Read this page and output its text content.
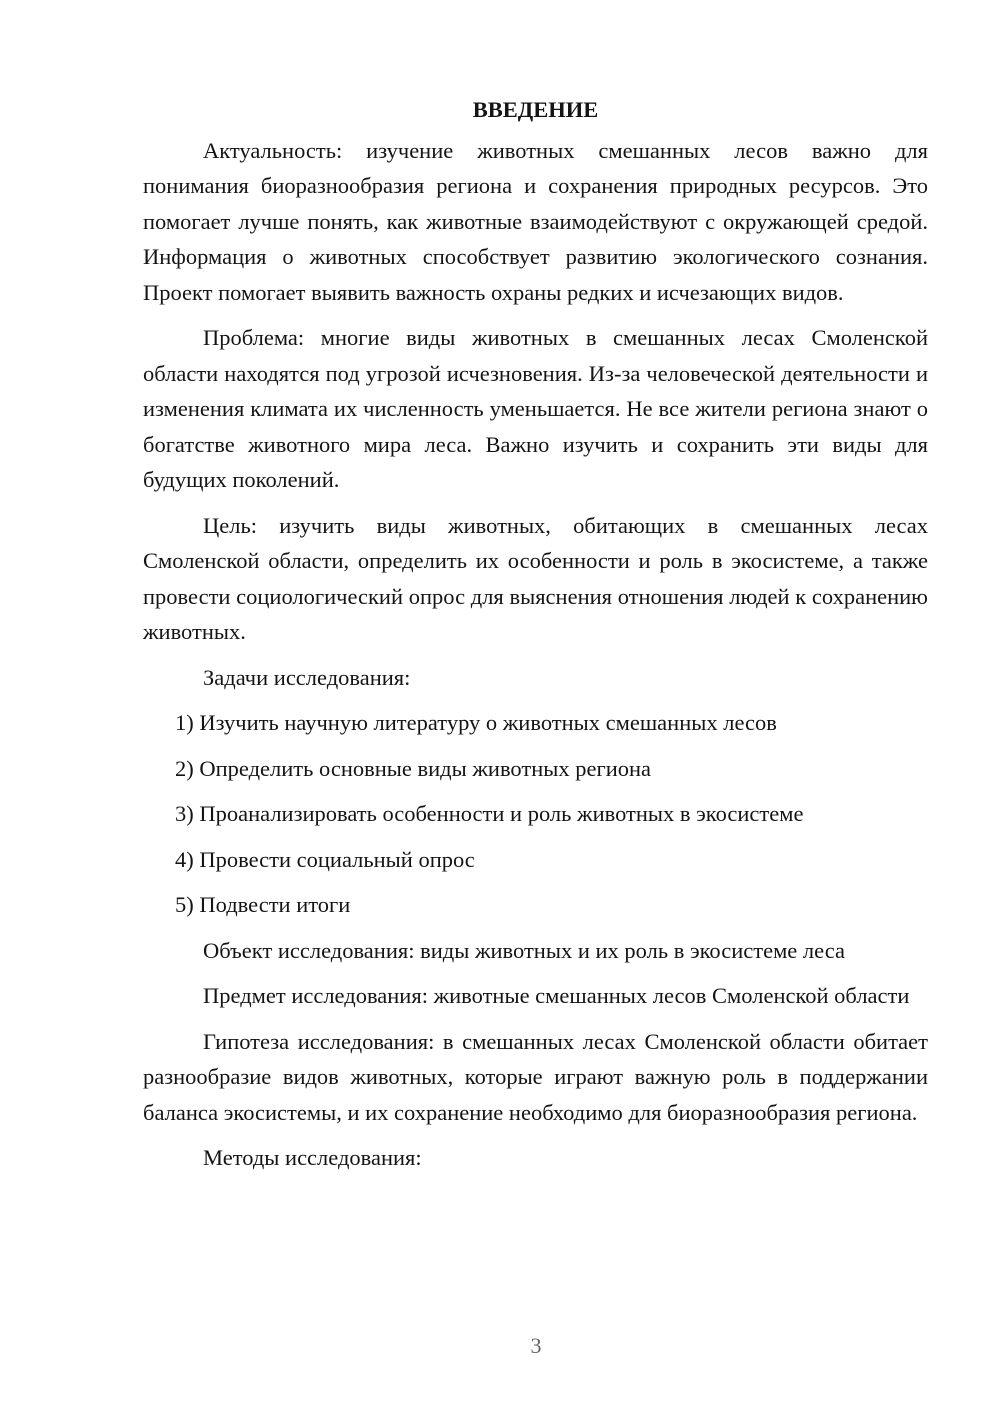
ВВЕДЕНИЕ

Актуальность: изучение животных смешанных лесов важно для понимания биоразнообразия региона и сохранения природных ресурсов. Это помогает лучше понять, как животные взаимодействуют с окружающей средой. Информация о животных способствует развитию экологического сознания. Проект помогает выявить важность охраны редких и исчезающих видов.

Проблема: многие виды животных в смешанных лесах Смоленской области находятся под угрозой исчезновения. Из-за человеческой деятельности и изменения климата их численность уменьшается. Не все жители региона знают о богатстве животного мира леса. Важно изучить и сохранить эти виды для будущих поколений.

Цель: изучить виды животных, обитающих в смешанных лесах Смоленской области, определить их особенности и роль в экосистеме, а также провести социологический опрос для выяснения отношения людей к сохранению животных.

Задачи исследования:

1) Изучить научную литературу о животных смешанных лесов

2) Определить основные виды животных региона

3) Проанализировать особенности и роль животных в экосистеме

4) Провести социальный опрос

5) Подвести итоги

Объект исследования: виды животных и их роль в экосистеме леса

Предмет исследования: животные смешанных лесов Смоленской области

Гипотеза исследования: в смешанных лесах Смоленской области обитает разнообразие видов животных, которые играют важную роль в поддержании баланса экосистемы, и их сохранение необходимо для биоразнообразия региона.

Методы исследования:

3
